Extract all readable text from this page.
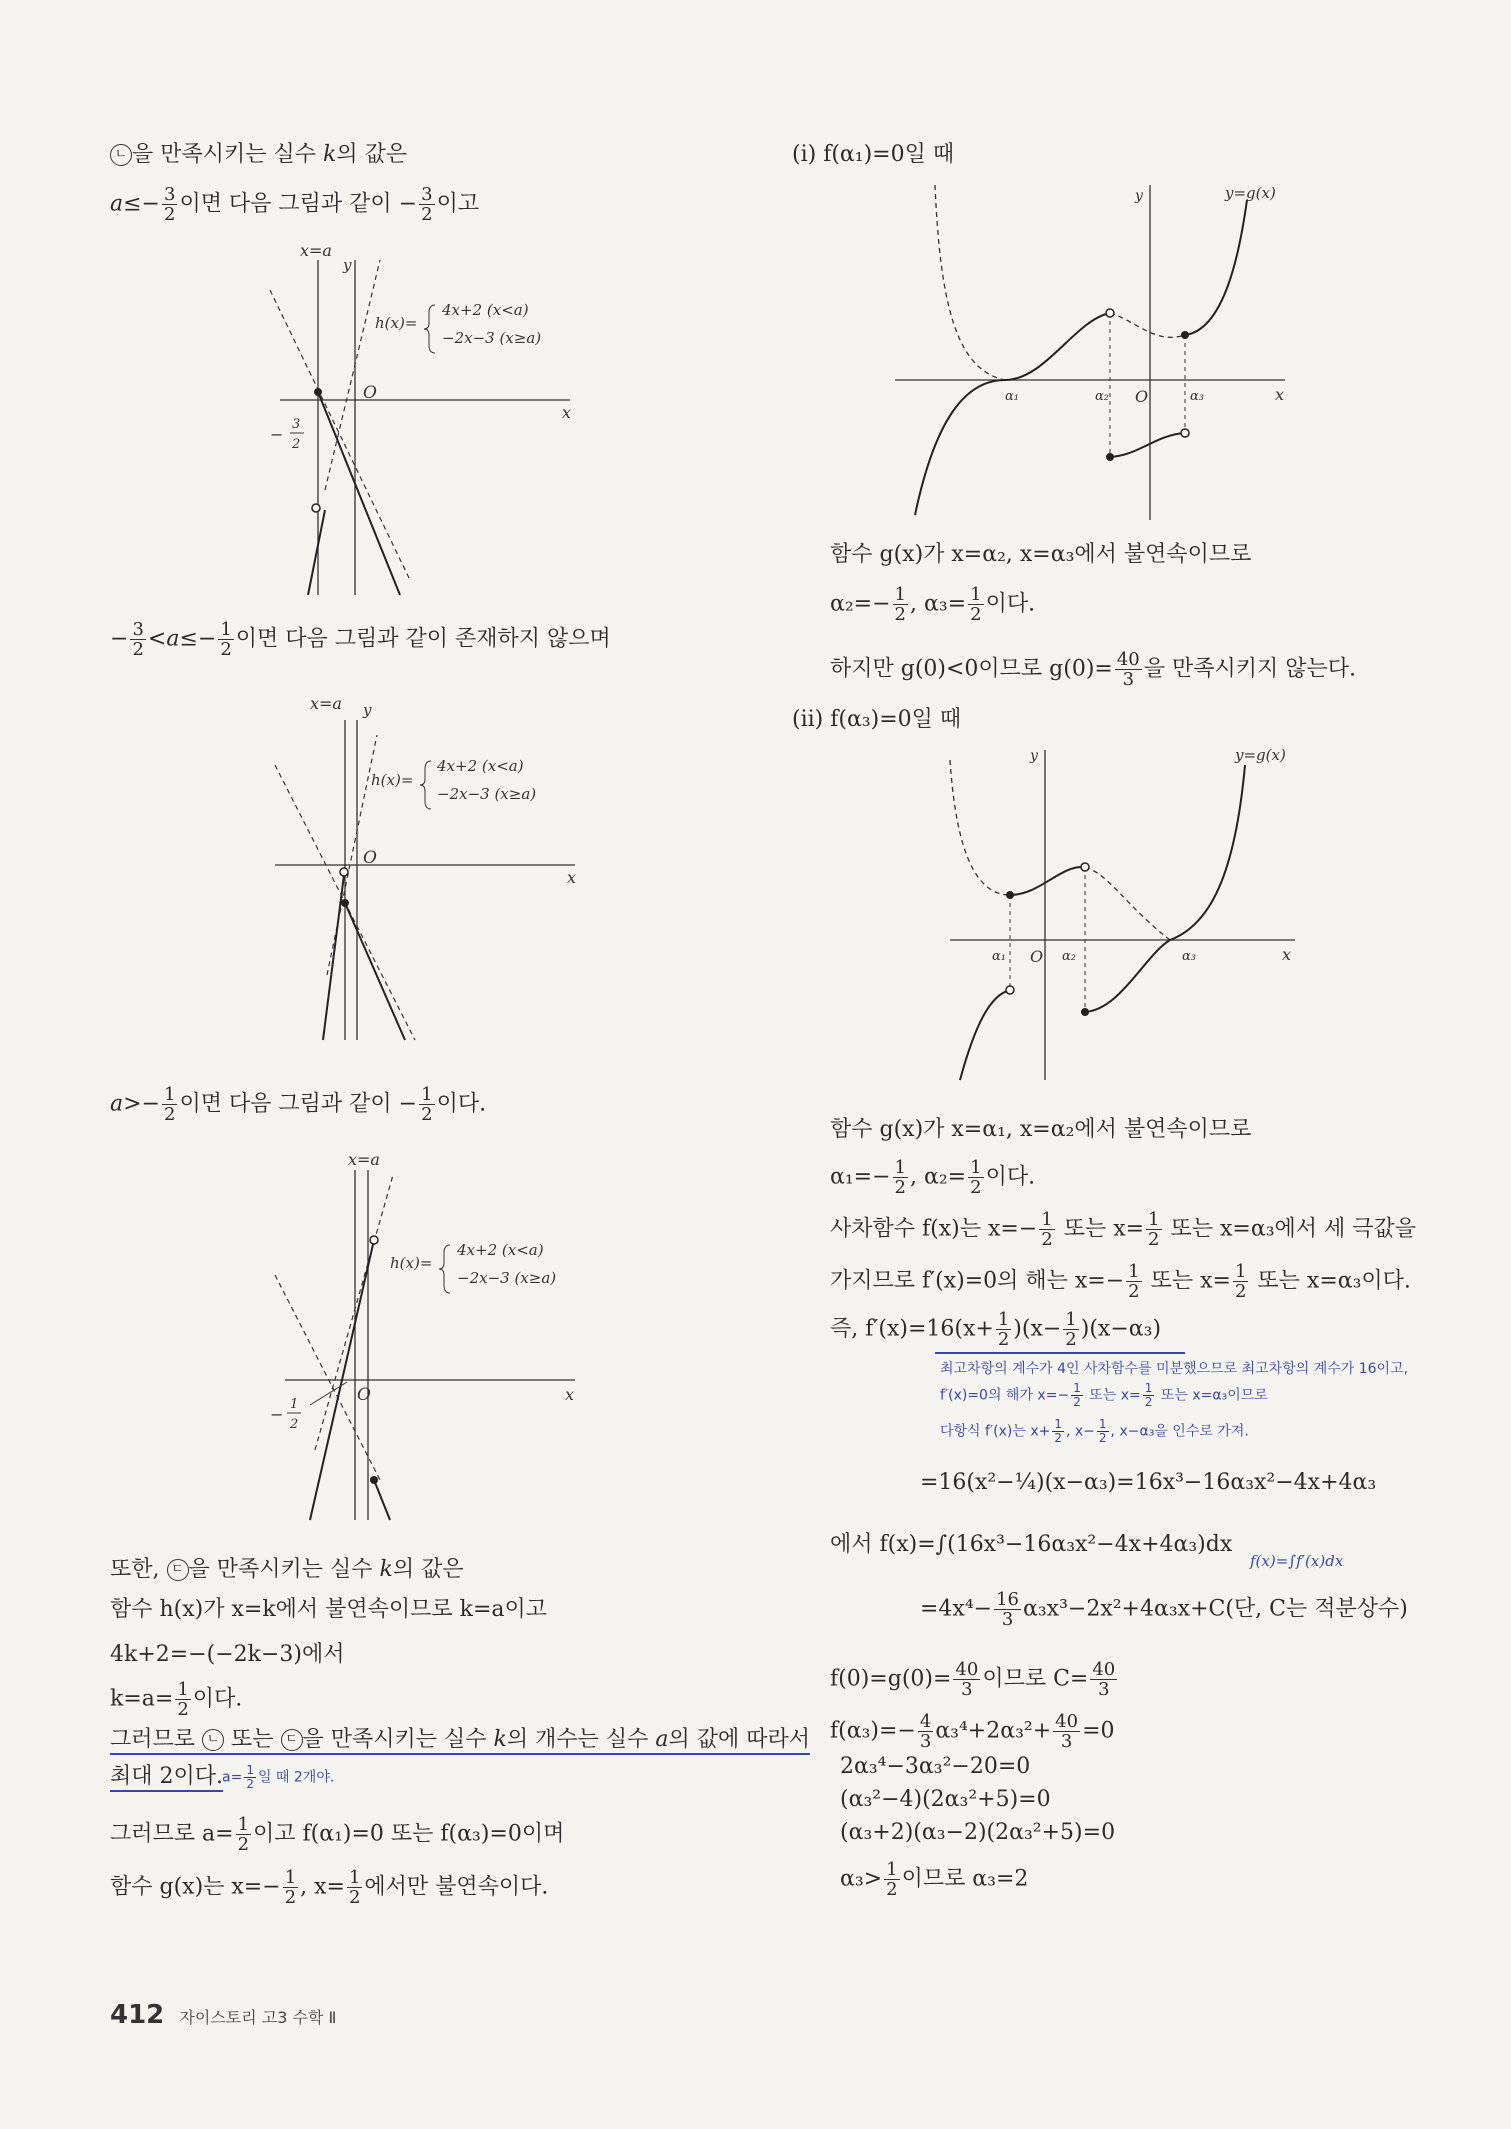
ㄴ 을 만족시키는 실수 k의 값은
$a\le- \frac{3}{2}$ 이면 다음 그림과 같이 − $\frac{3}{2}$ 이고
O
x
y
x=a
−
3
2
h(x)=
4x+2 (x<a)
−2x−3 (x≥a)
− $\frac{3}{2} <a\le- \frac{1}{2}$ 이면 다음 그림과 같이 존재하지 않으며
O
x
x=a y
h(x)=
4x+2 (x<a)
−2x−3 (x≥a)
$a>- \frac{1}{2}$ 이면 다음 그림과 같이 − $\frac{1}{2}$ 이다.
O	x
x=a
−
1
2
h(x)=
4x+2 (x<a)
−2x−3 (x≥a)
또한, ㄷ 을 만족시키는 실수 k의 값은
함수 h(x)가 x=k에서 불연속이므로 k=a이고
4k+2=−(−2k−3)에서
$k=a= \frac{1}{2}$ 이다.
그러므로 ㄴ 또는 ㄷ 을 만족시키는 실수 k의 개수는 실수 a의 값에 따라서
최대 2이다. $a= \frac{1}{2}$ 일 때 2개야.
그러므로 $a= \frac{1}{2}$ 이고 f(α₁)=0 또는 f(α₃)=0이며
함수 g(x)는 $x=- \frac{1}{2}$ , $x= \frac{1}{2}$ 에서만 불연속이다.
(ⅰ) f(α₁)=0일 때
α₁	α₂ O	α₃	x
y	y=g(x)
함수 g(x)가 x=α₂, x=α₃에서 불연속이므로
$\alpha_2=- \frac{1}{2}$ , $\alpha_3= \frac{1}{2}$ 이다.
하지만 g(0)<0이므로 $g(0)= \frac{40}{3}$ 을 만족시키지 않는다.
(ⅱ) f(α₃)=0일 때
α₁ O α₂	α₃	x
y	y=g(x)
함수 g(x)가 x=α₁, x=α₂에서 불연속이므로
$\alpha_1=- \frac{1}{2}$ , $\alpha_2= \frac{1}{2}$ 이다.
사차함수 f(x)는 $x=- \frac{1}{2}$ 또는 $x= \frac{1}{2}$ 또는 x=α₃에서 세 극값을
가지므로 f′(x)=0의 해는 $x=- \frac{1}{2}$ 또는 $x= \frac{1}{2}$ 또는 x=α₃이다.
즉, $f'(x)=16(x+ \frac{1}{2} )(x- \frac{1}{2} )(x-\alpha_3)$
최고차항의 계수가 4인 사차함수를 미분했으므로 최고차항의 계수가 16이고,
f′(x)=0의 해가 $x=- \frac{1}{2}$ 또는 $x= \frac{1}{2}$ 또는 x=α₃이므로
다항식 f′(x)는 $x+ \frac{1}{2}$ , $x- \frac{1}{2}$ , x−α₃을 인수로 가져.
=16(x²−¼)(x−α₃)=16x³−16α₃x²−4x+4α₃
에서 f(x)=∫(16x³−16α₃x²−4x+4α₃)dx
f(x)=∫f′(x)dx
$=4x^4- \frac{16}{3} \alpha_3x^3-2x^2+4\alpha_3x+C$(단, C는 적분상수)
$f(0)=g(0)= \frac{40}{3}$ 이므로 $C= \frac{40}{3}$
$f(\alpha_3)=- \frac{4}{3} \alpha_3^4+2\alpha_3^2+ \frac{40}{3} =0$
2α₃⁴−3α₃²−20=0
(α₃²−4)(2α₃²+5)=0
(α₃+2)(α₃−2)(2α₃²+5)=0
$\alpha_3> \frac{1}{2}$ 이므로 α₃=2
412 자이스토리 고3 수학 Ⅱ
